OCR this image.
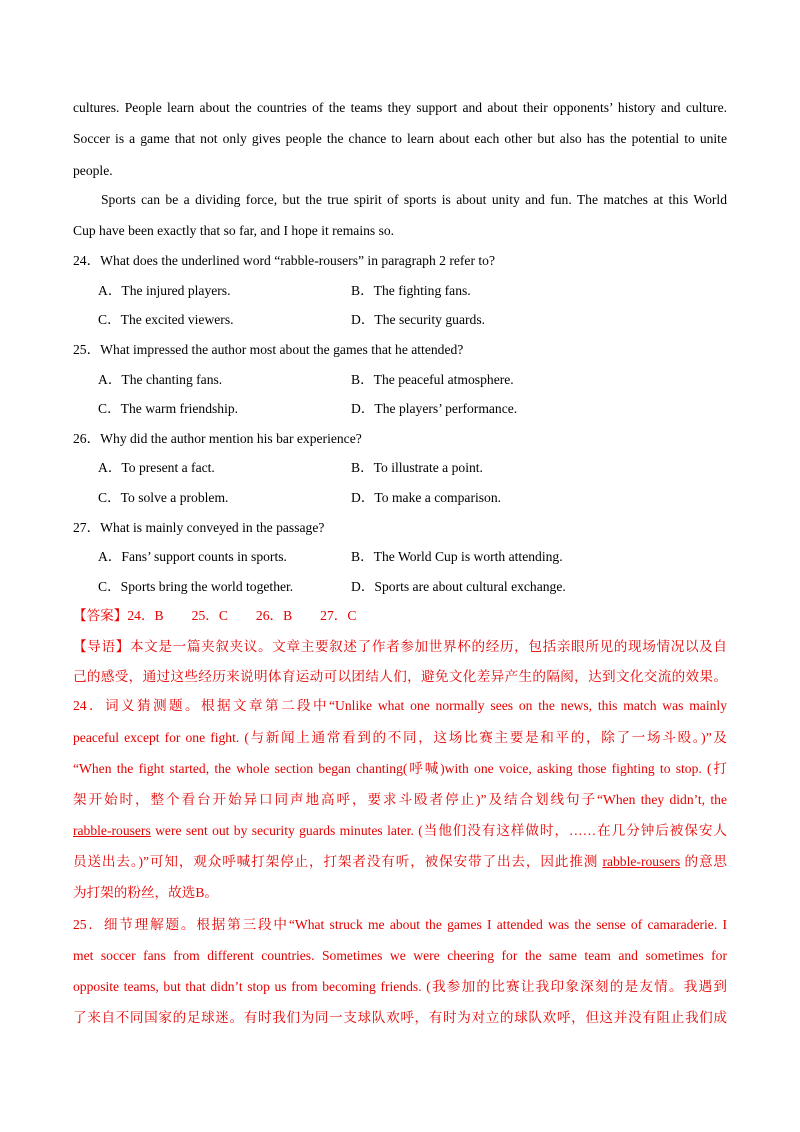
cultures. People learn about the countries of the teams they support and about their opponents’ history and culture.
Soccer is a game that not only gives people the chance to learn about each other but also has the potential to unite
people.
Sports can be a dividing force, but the true spirit of sports is about unity and fun. The matches at this World
Cup have been exactly that so far, and I hope it remains so.
24．What does the underlined word “rabble-rousers” in paragraph 2 refer to?
A．The injured players.	B．The fighting fans.
C．The excited viewers.	D．The security guards.
25．What impressed the author most about the games that he attended?
A．The chanting fans.	B．The peaceful atmosphere.
C．The warm friendship.	D．The players’ performance.
26．Why did the author mention his bar experience?
A．To present a fact.	B．To illustrate a point.
C．To solve a problem.	D．To make a comparison.
27．What is mainly conveyed in the passage?
A．Fans’ support counts in sports.	B．The World Cup is worth attending.
C．Sports bring the world together.	D．Sports are about cultural exchange.
【答案】24．B 25．C 26．B 27．C
【导语】本文是一篇夹叙夹议。文章主要叙述了作者参加世界杯的经历，包括亲眼所见的现场情况以及自
己的感受，通过这些经历来说明体育运动可以团结人们，避免文化差异产生的隔阂，达到文化交流的效果。
24．词义猜测题。根据文章第二段中“Unlike what one normally sees on the news, this match was mainly
peaceful except for one fight. (与新闻上通常看到的不同，这场比赛主要是和平的，除了一场斗殴。)”及
“When the fight started, the whole section began chanting(呼喊)with one voice, asking those fighting to stop. (打
架开始时，整个看台开始异口同声地高呼，要求斗殴者停止)”及结合划线句子“When they didn’t, the
rabble-rousers were sent out by security guards minutes later. (当他们没有这样做时，……在几分钟后被保安人
员送出去。)”可知，观众呼喊打架停止，打架者没有听，被保安带了出去，因此推测 rabble-rousers 的意思
为打架的粉丝，故选B。
25．细节理解题。根据第三段中“What struck me about the games I attended was the sense of camaraderie. I
met soccer fans from different countries. Sometimes we were cheering for the same team and sometimes for
opposite teams, but that didn’t stop us from becoming friends. (我参加的比赛让我印象深刻的是友情。我遇到
了来自不同国家的足球迷。有时我们为同一支球队欢呼，有时为对立的球队欢呼，但这并没有阻止我们成
